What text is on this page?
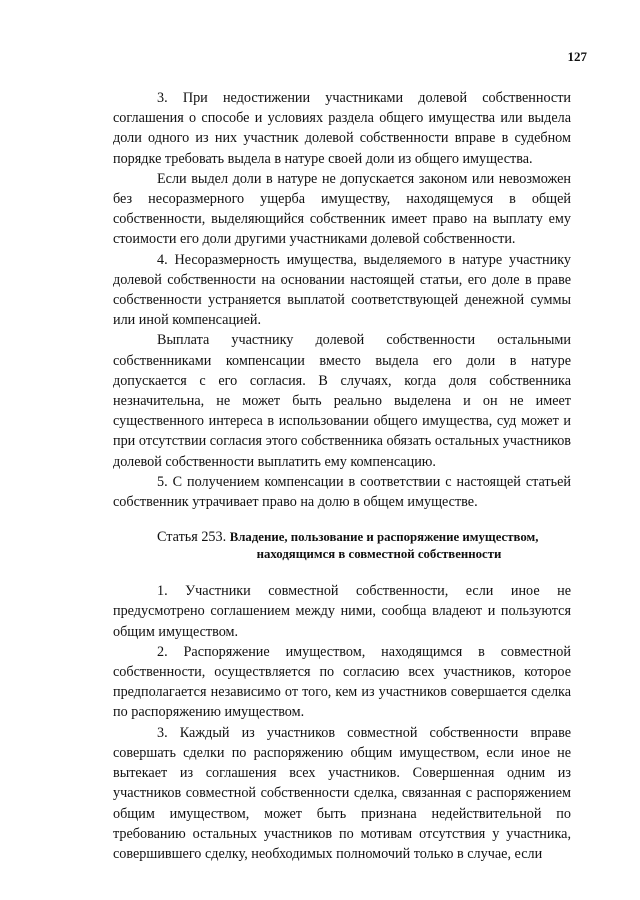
127

3. При недостижении участниками долевой собственности соглашения о способе и условиях раздела общего имущества или выдела доли одного из них участник долевой собственности вправе в судебном порядке требовать выдела в натуре своей доли из общего имущества.

Если выдел доли в натуре не допускается законом или невозможен без несоразмерного ущерба имуществу, находящемуся в общей собственности, выделяющийся собственник имеет право на выплату ему стоимости его доли другими участниками долевой собственности.

4. Несоразмерность имущества, выделяемого в натуре участнику долевой собственности на основании настоящей статьи, его доле в праве собственности устраняется выплатой соответствующей денежной суммы или иной компенсацией.

Выплата участнику долевой собственности остальными собственниками компенсации вместо выдела его доли в натуре допускается с его согласия. В случаях, когда доля собственника незначительна, не может быть реально выделена и он не имеет существенного интереса в использовании общего имущества, суд может и при отсутствии согласия этого собственника обязать остальных участников долевой собственности выплатить ему компенсацию.

5. С получением компенсации в соответствии с настоящей статьей собственник утрачивает право на долю в общем имуществе.

Статья 253. Владение, пользование и распоряжение имуществом,
находящимся в совместной собственности

1. Участники совместной собственности, если иное не предусмотрено соглашением между ними, сообща владеют и пользуются общим имуществом.

2. Распоряжение имуществом, находящимся в совместной собственности, осуществляется по согласию всех участников, которое предполагается независимо от того, кем из участников совершается сделка по распоряжению имуществом.

3. Каждый из участников совместной собственности вправе совершать сделки по распоряжению общим имуществом, если иное не вытекает из соглашения всех участников. Совершенная одним из участников совместной собственности сделка, связанная с распоряжением общим имуществом, может быть признана недействительной по требованию остальных участников по мотивам отсутствия у участника, совершившего сделку, необходимых полномочий только в случае, если
